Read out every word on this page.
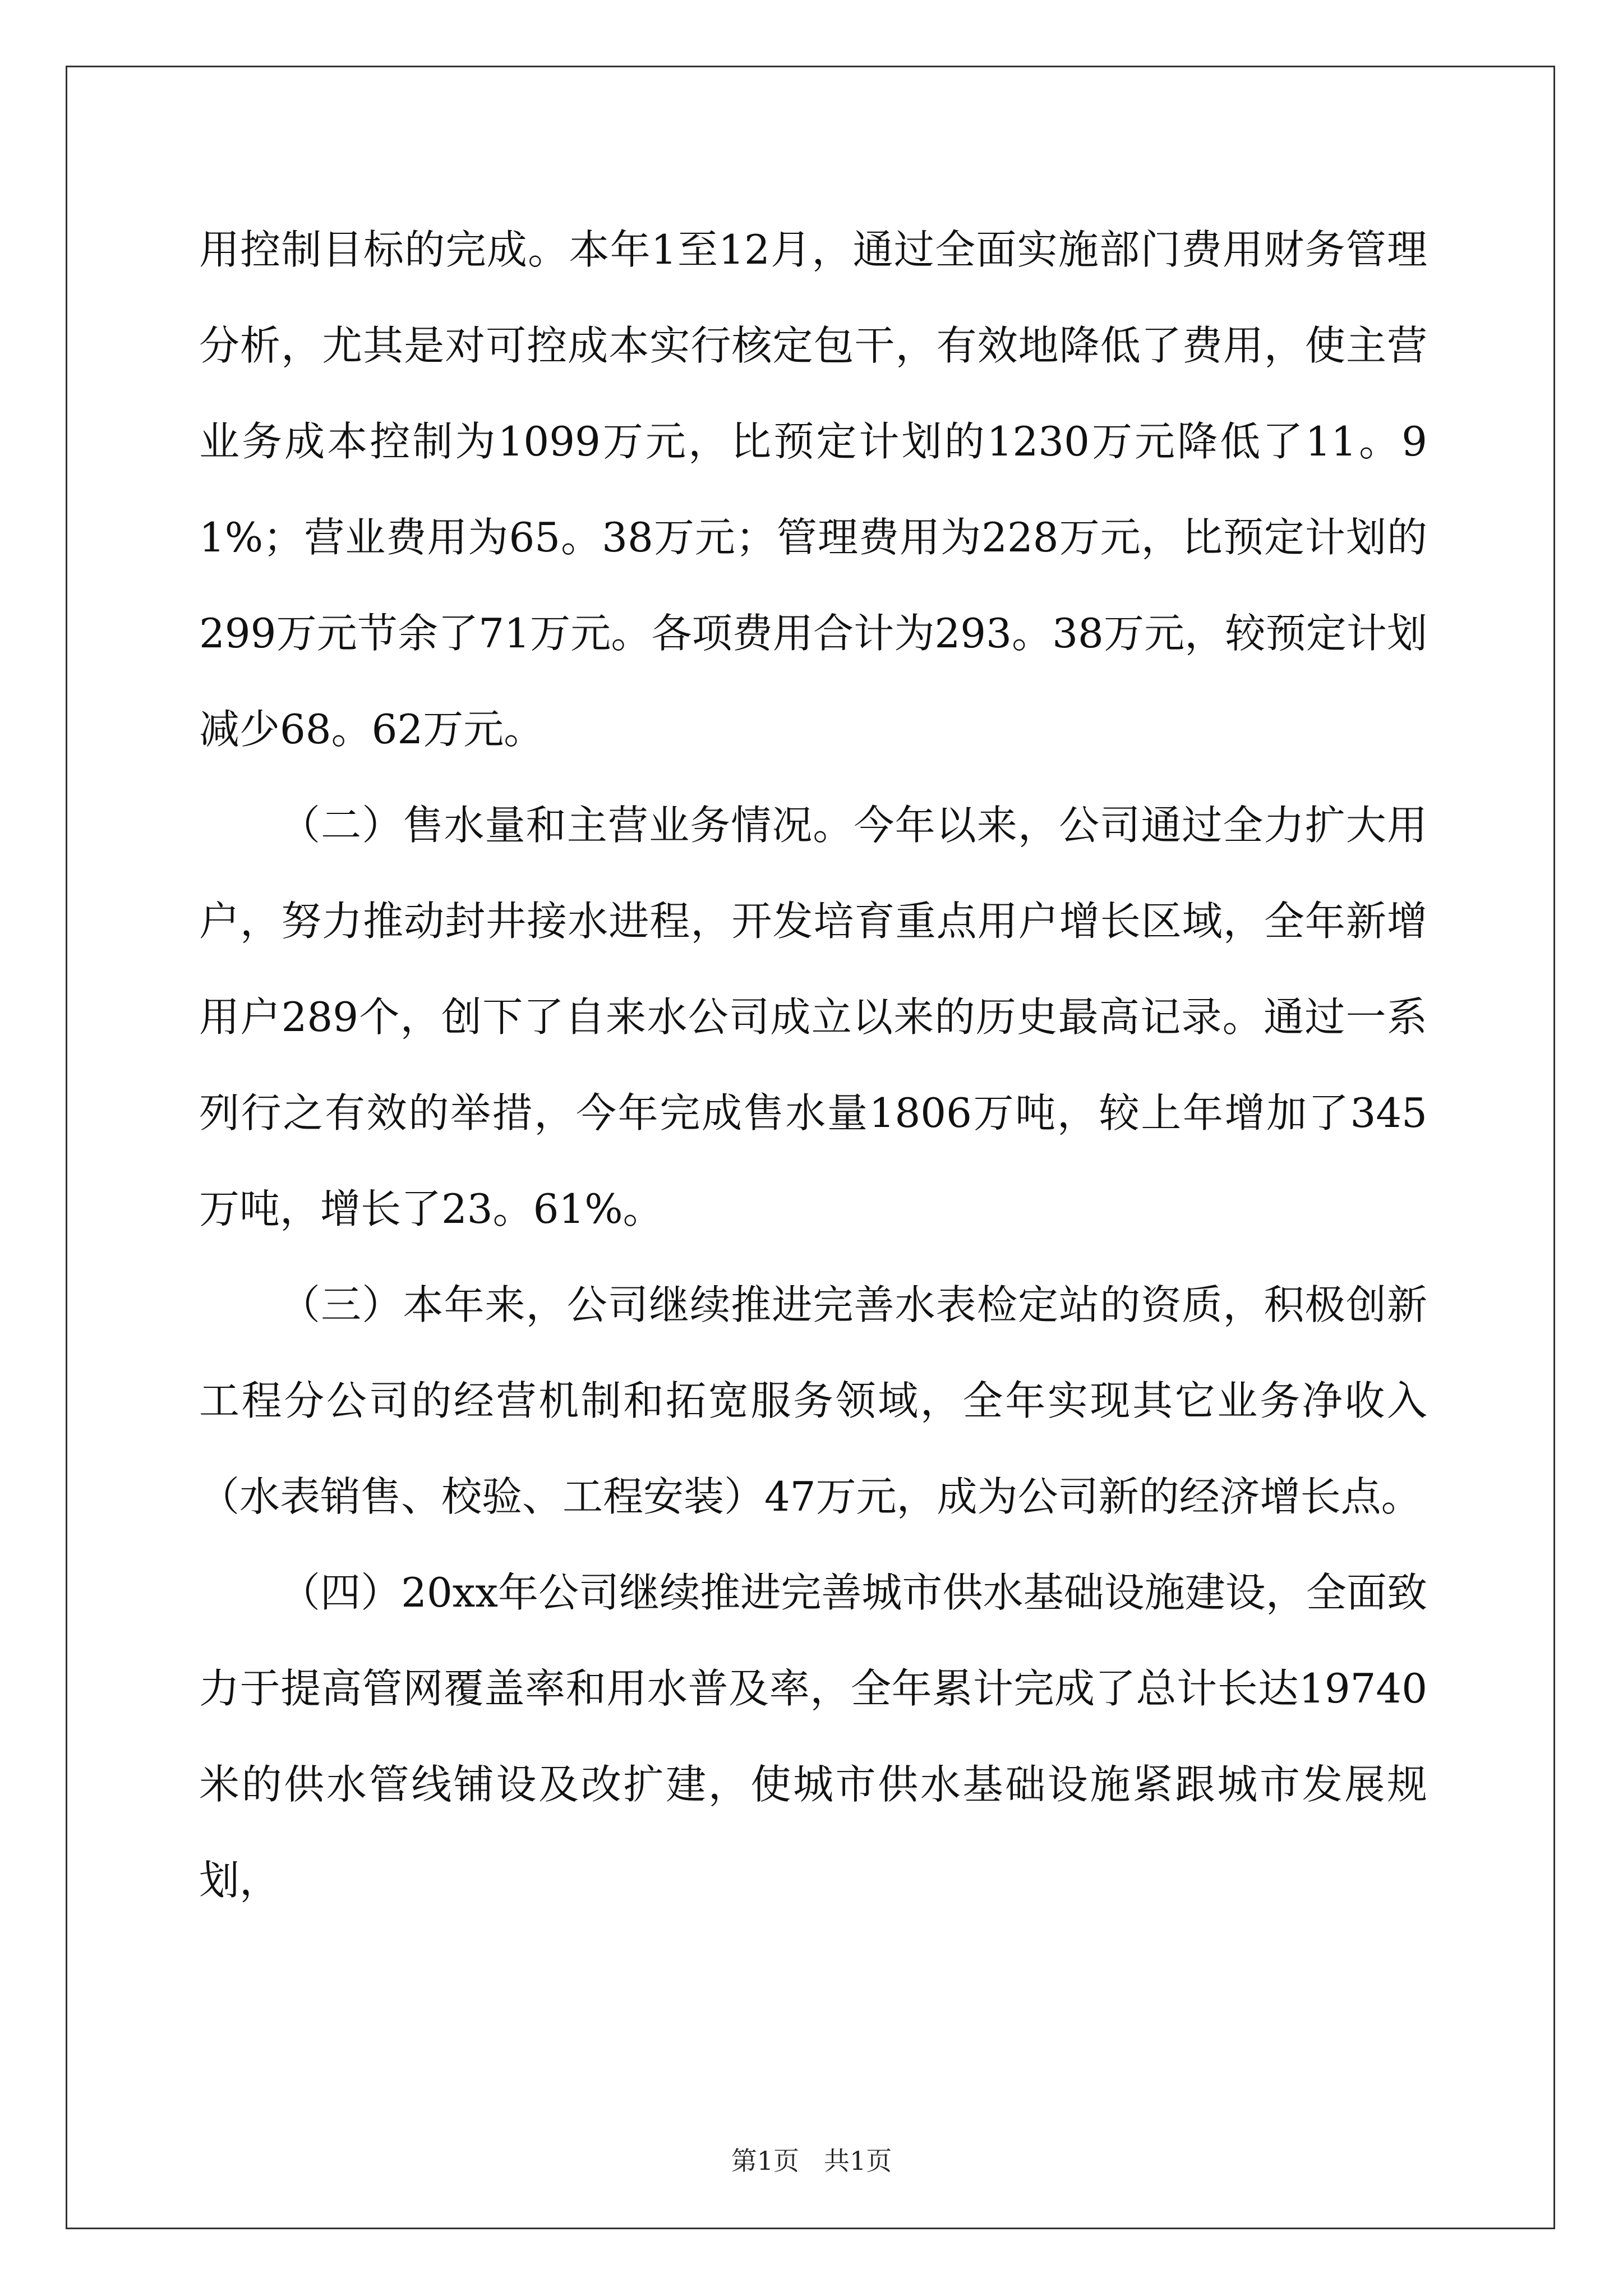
用控制目标的完成。本年1至12月，通过全面实施部门费用财务管理分析，尤其是对可控成本实行核定包干，有效地降低了费用，使主营业务成本控制为1099万元，比预定计划的1230万元降低了11。91%；营业费用为65。38万元；管理费用为228万元，比预定计划的299万元节余了71万元。各项费用合计为293。38万元，较预定计划减少68。62万元。

（二）售水量和主营业务情况。今年以来，公司通过全力扩大用户，努力推动封井接水进程，开发培育重点用户增长区域，全年新增用户289个，创下了自来水公司成立以来的历史最高记录。通过一系列行之有效的举措，今年完成售水量1806万吨，较上年增加了345万吨，增长了23。61%。

（三）本年来，公司继续推进完善水表检定站的资质，积极创新工程分公司的经营机制和拓宽服务领域，全年实现其它业务净收入（水表销售、校验、工程安装）47万元，成为公司新的经济增长点。

（四）20xx年公司继续推进完善城市供水基础设施建设，全面致力于提高管网覆盖率和用水普及率，全年累计完成了总计长达19740米的供水管线铺设及改扩建，使城市供水基础设施紧跟城市发展规划，

第1页 共1页
